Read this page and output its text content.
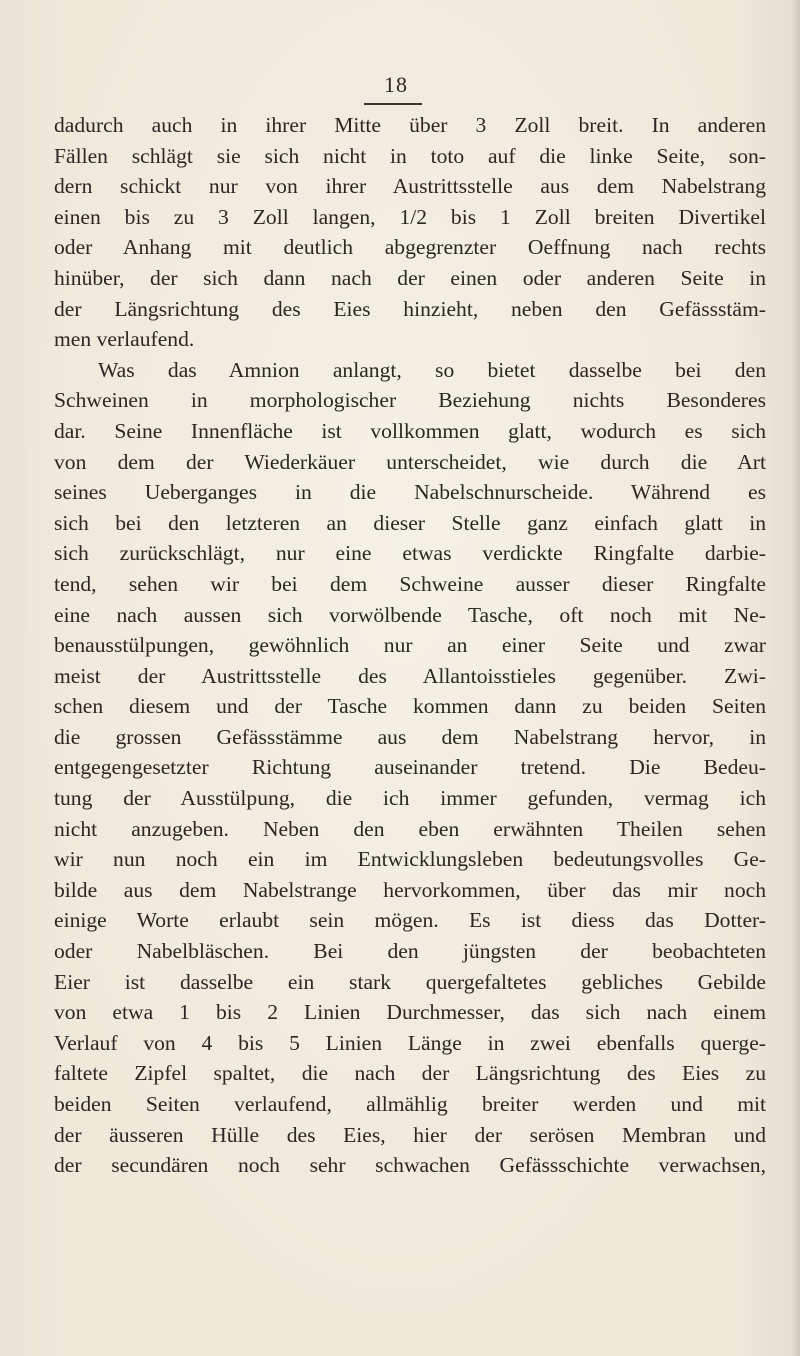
18
dadurch auch in ihrer Mitte über 3 Zoll breit. In anderen
Fällen schlägt sie sich nicht in toto auf die linke Seite, son-
dern schickt nur von ihrer Austrittsstelle aus dem Nabelstrang
einen bis zu 3 Zoll langen, 1/2 bis 1 Zoll breiten Divertikel
oder Anhang mit deutlich abgegrenzter Oeffnung nach rechts
hinüber, der sich dann nach der einen oder anderen Seite in
der Längsrichtung des Eies hinzieht, neben den Gefässstäm-
men verlaufend.
Was das Amnion anlangt, so bietet dasselbe bei den
Schweinen in morphologischer Beziehung nichts Besonderes
dar. Seine Innenfläche ist vollkommen glatt, wodurch es sich
von dem der Wiederkäuer unterscheidet, wie durch die Art
seines Ueberganges in die Nabelschnurscheide. Während es
sich bei den letzteren an dieser Stelle ganz einfach glatt in
sich zurückschlägt, nur eine etwas verdickte Ringfalte darbie-
tend, sehen wir bei dem Schweine ausser dieser Ringfalte
eine nach aussen sich vorwölbende Tasche, oft noch mit Ne-
benausstülpungen, gewöhnlich nur an einer Seite und zwar
meist der Austrittsstelle des Allantoisstieles gegenüber. Zwi-
schen diesem und der Tasche kommen dann zu beiden Seiten
die grossen Gefässstämme aus dem Nabelstrang hervor, in
entgegengesetzter Richtung auseinander tretend. Die Bedeu-
tung der Ausstülpung, die ich immer gefunden, vermag ich
nicht anzugeben. Neben den eben erwähnten Theilen sehen
wir nun noch ein im Entwicklungsleben bedeutungsvolles Ge-
bilde aus dem Nabelstrange hervorkommen, über das mir noch
einige Worte erlaubt sein mögen. Es ist diess das Dotter-
oder Nabelbläschen. Bei den jüngsten der beobachteten
Eier ist dasselbe ein stark quergefaltetes gebliches Gebilde
von etwa 1 bis 2 Linien Durchmesser, das sich nach einem
Verlauf von 4 bis 5 Linien Länge in zwei ebenfalls querge-
faltete Zipfel spaltet, die nach der Längsrichtung des Eies zu
beiden Seiten verlaufend, allmählig breiter werden und mit
der äusseren Hülle des Eies, hier der serösen Membran und
der secundären noch sehr schwachen Gefässschichte verwachsen,
